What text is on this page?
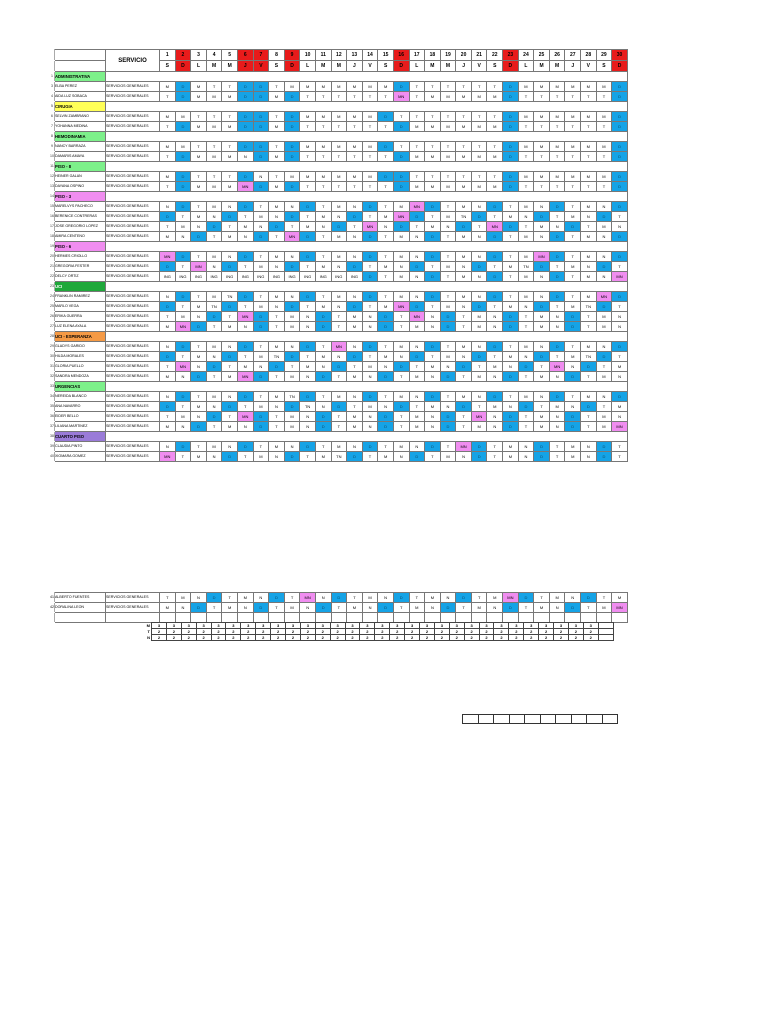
		SERVICIO	1	2	3	4	5	6	7	8	9	10	11	12	13	14	15	16	17	18	19	20	21	22	23	24	25	26	27	28	29	30
			S	D	L	M	M	J	V	S	D	L	M	M	J	V	S	D	L	M	M	J	V	S	D	L	M	M	J	V	S	D
1	ADMINISTRATIVA																															
3	ELBA PEREZ	SERVICIOS GENERALES	M	D	M	T	T	D	D	T	M	M	M	M	M	M	M	D	T	T	T	T	T	T	D	M	M	M	M	M	M	D
4	AIDA LUZ SOBACA	SERVICIOS GENERALES	T	D	M	M	M	D	D	M	D	T	T	T	T	T	T	MN	T	M	M	M	M	M	D	T	T	T	T	T	T	D
5	CIRUGIA																															
6	SELVIN ZAMBRANO	SERVICIOS GENERALES	M	M	T	T	T	D	D	T	D	M	M	M	M	M	D	T	T	T	T	T	T	T	D	M	M	M	M	M	M	D
7	YOHANNA MEDINA	SERVICIOS GENERALES	T	D	M	M	M	D	D	M	D	T	T	T	T	T	T	D	M	M	M	M	M	M	D	T	T	T	T	T	T	D
8	HEMODINAMIA																															
9	NANCY BARRAZA	SERVICIOS GENERALES	M	M	T	T	T	D	D	T	D	M	M	M	M	M	D	T	T	T	T	T	T	T	D	M	M	M	M	M	M	D
10	DAMARIS AMAYA	SERVICIOS GENERALES	T	D	M	M	M	N	D	M	D	T	T	T	T	T	T	D	M	M	M	M	M	M	D	T	T	T	T	T	T	D
11	PISO - 8																															
12	HEINER GALAN	SERVICIOS GENERALES	M	D	T	T	T	D	N	T	M	M	M	M	M	M	D	D	T	T	T	T	T	T	D	M	M	M	M	M	M	D
13	DAYANA OSPINO	SERVICIOS GENERALES	T	D	M	M	M	MN	D	M	D	T	T	T	T	T	T	D	M	M	M	M	M	M	D	T	T	T	T	T	T	D
14	PISO - 3																															
15	MARELVYS PACHECO	SERVICIOS GENERALES	N	D	T	M	N	D	T	M	N	D	T	M	N	D	T	M	MN	D	T	M	N	D	T	M	N	D	T	M	N	D
16	BERENICE CONTRERAS	SERVICIOS GENERALES	D	T	M	N	D	T	M	N	D	T	M	N	D	T	M	MN	D	T	M	TN	D	T	M	N	D	T	M	N	D	T
17	JOSE GREGORIO LOPEZ	SERVICIOS GENERALES	T	M	N	D	T	M	N	D	T	M	N	D	T	MN	N	D	T	M	N	D	T	MN	D	T	M	N	D	T	M	N
18	AMIRA CENTENO	SERVICIOS GENERALES	M	N	D	T	M	N	D	T	MN	D	T	M	N	D	T	M	N	D	T	M	N	D	T	M	N	D	T	M	N	D
19	PISO - 6																															
20	HERMES CRIOLLO	SERVICIOS GENERALES	MN	D	T	M	N	D	T	M	N	D	T	M	N	D	T	M	N	D	T	M	N	D	T	M	MN	D	T	M	N	D
21	GREGORIA FESTER	SERVICIOS GENERALES	D	T	MN	N	D	T	M	N	D	T	M	N	D	T	M	N	D	T	M	N	D	T	M	TN	D	T	M	N	D	T
22	DELCY ORTIZ	SERVICIOS GENERALES	ING	ING	ING	ING	ING	ING	ING	ING	ING	ING	ING	ING	ING	D	T	M	N	D	T	M	N	D	T	M	N	D	T	M	N	MN
23	UCI																															
24	FRANKLIN RAMIREZ	SERVICIOS GENERALES	N	D	T	M	TN	D	T	M	N	D	T	M	N	D	T	M	N	D	T	M	N	D	T	M	N	D	T	M	MN	D
25	MARLO VEGA	SERVICIOS GENERALES	D	T	M	TN	D	T	M	N	D	T	M	N	D	T	M	MN	D	T	M	N	D	T	M	N	D	T	M	TN	D	T
26	ERIKA GUERRA	SERVICIOS GENERALES	T	M	N	D	T	MN	D	T	M	N	D	T	M	N	D	T	MN	N	D	T	M	N	D	T	M	N	D	T	M	N
27	LUZ ELENA AYALA	SERVICIOS GENERALES	M	MN	D	T	M	N	D	T	M	N	D	T	M	N	D	T	M	N	D	T	M	N	D	T	M	N	D	T	M	N
28	UCI - ESPERANZA																															
29	GLADYS GARIDO	SERVICIOS GENERALES	N	D	T	M	N	D	T	M	N	D	T	MN	N	D	T	M	N	D	T	M	N	D	T	M	N	D	T	M	N	D
30	HILDA MORALES	SERVICIOS GENERALES	D	T	M	N	D	T	M	TN	D	T	M	N	D	T	M	N	D	T	M	N	D	T	M	N	D	T	M	TN	D	T
31	GLORIA PUELLO	SERVICIOS GENERALES	T	MN	N	D	T	M	N	D	T	M	N	D	T	M	N	D	T	M	N	D	T	M	N	D	T	MN	N	D	T	M
32	SANDRA MENDOZA	SERVICIOS GENERALES	M	N	D	T	M	MN	D	T	M	N	D	T	M	N	D	T	M	N	D	T	M	N	D	T	M	N	D	T	M	N
33	URGENCIAS																															
34	NEREIDA BLANCO	SERVICIOS GENERALES	N	D	T	M	N	D	T	M	TN	D	T	M	N	D	T	M	N	D	T	M	N	D	T	M	N	D	T	M	N	D
35	ANA NAVARRO	SERVICIOS GENERALES	D	T	M	N	D	T	M	N	D	TN	N	D	T	M	N	D	T	M	N	D	T	M	N	D	T	M	N	D	T	M
36	EIDER BELLO	SERVICIOS GENERALES	T	M	N	D	T	MN	D	T	M	N	D	T	M	N	D	T	M	N	D	T	MN	N	D	T	M	N	D	T	M	N
37	LILIANA MARTINEZ	SERVICIOS GENERALES	M	N	D	T	M	N	D	T	M	N	D	T	M	N	D	T	M	N	D	T	M	N	D	T	M	N	D	T	M	MN
38	CUARTO PISO																															
39	CLAUDIA PINTO	SERVICIOS GENERALES	N	D	T	M	N	D	T	M	N	D	T	M	N	D	T	M	N	D	T	MN	D	T	M	N	D	T	M	N	D	T
40	XIOMARA GOMEZ	SERVICIOS GENERALES	MN	T	M	N	D	T	M	N	D	T	M	TN	D	T	M	N	D	T	M	N	D	T	M	N	D	T	M	N	D	T
41	ALBERTO FUENTES	SERVICIOS GENERALES	T	M	N	D	T	M	N	D	T	MN	N	D	T	M	N	D	T	M	N	D	T	M	MN	D	T	M	N	D	T	M
42	DORALINA LEON	SERVICIOS GENERALES	M	N	D	T	M	N	D	T	M	N	D	T	M	N	D	T	M	N	D	T	M	N	D	T	M	N	D	T	M	MN

M	3	3	3	3	3	3	3	3	3	3	3	3	3	3	3	3	3	3	3	3	3	3	3	3	3	3	3	3	3	3	
T	2	2	2	2	2	2	2	2	2	2	2	2	2	2	2	2	2	2	2	2	2	2	2	2	2	2	2	2	2	2	
N	2	2	2	2	2	2	2	2	2	2	2	2	2	2	2	2	2	2	2	2	2	2	2	2	2	2	2	2	2	2	
